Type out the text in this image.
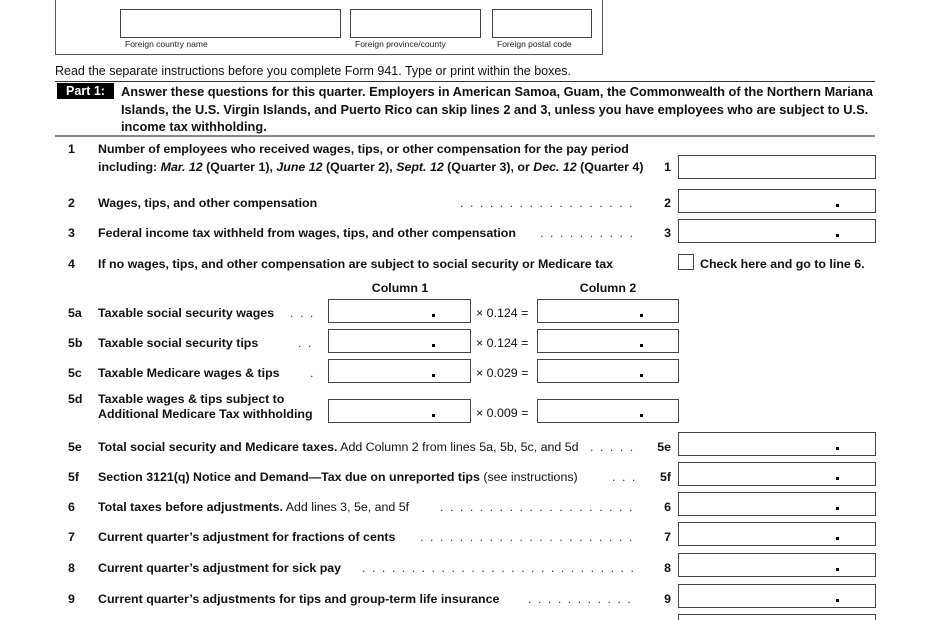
Foreign country name	Foreign province/county	Foreign postal code
Read the separate instructions before you complete Form 941. Type or print within the boxes.
Part 1:	Answer these questions for this quarter. Employers in American Samoa, Guam, the Commonwealth of the Northern Mariana Islands, the U.S. Virgin Islands, and Puerto Rico can skip lines 2 and 3, unless you have employees who are subject to U.S. income tax withholding.
1 Number of employees who received wages, tips, or other compensation for the pay period
including: Mar. 12 (Quarter 1), June 12 (Quarter 2), Sept. 12 (Quarter 3), or Dec. 12 (Quarter 4) 1
2 Wages, tips, and other compensation	.................. 2
3 Federal income tax withheld from wages, tips, and other compensation .......... 3
4 If no wages, tips, and other compensation are subject to social security or Medicare tax	Check here and go to line 6.
Column 1	Column 2
5a Taxable social security wages ...	× 0.124 =
5b Taxable social security tips	..	× 0.124 =
5c Taxable Medicare wages & tips .	× 0.029 =
5d Taxable wages & tips subject to
Additional Medicare Tax withholding	× 0.009 =
5e Total social security and Medicare taxes. Add Column 2 from lines 5a, 5b, 5c, and 5d ..... 5e
5f Section 3121(q) Notice and Demand—Tax due on unreported tips (see instructions)	... 5f
6 Total taxes before adjustments. Add lines 3, 5e, and 5f .................... 6
7 Current quarter’s adjustment for fractions of cents ...................... 7
8 Current quarter’s adjustment for sick pay ............................ 8
9 Current quarter’s adjustments for tips and group-term life insurance ........... 9
